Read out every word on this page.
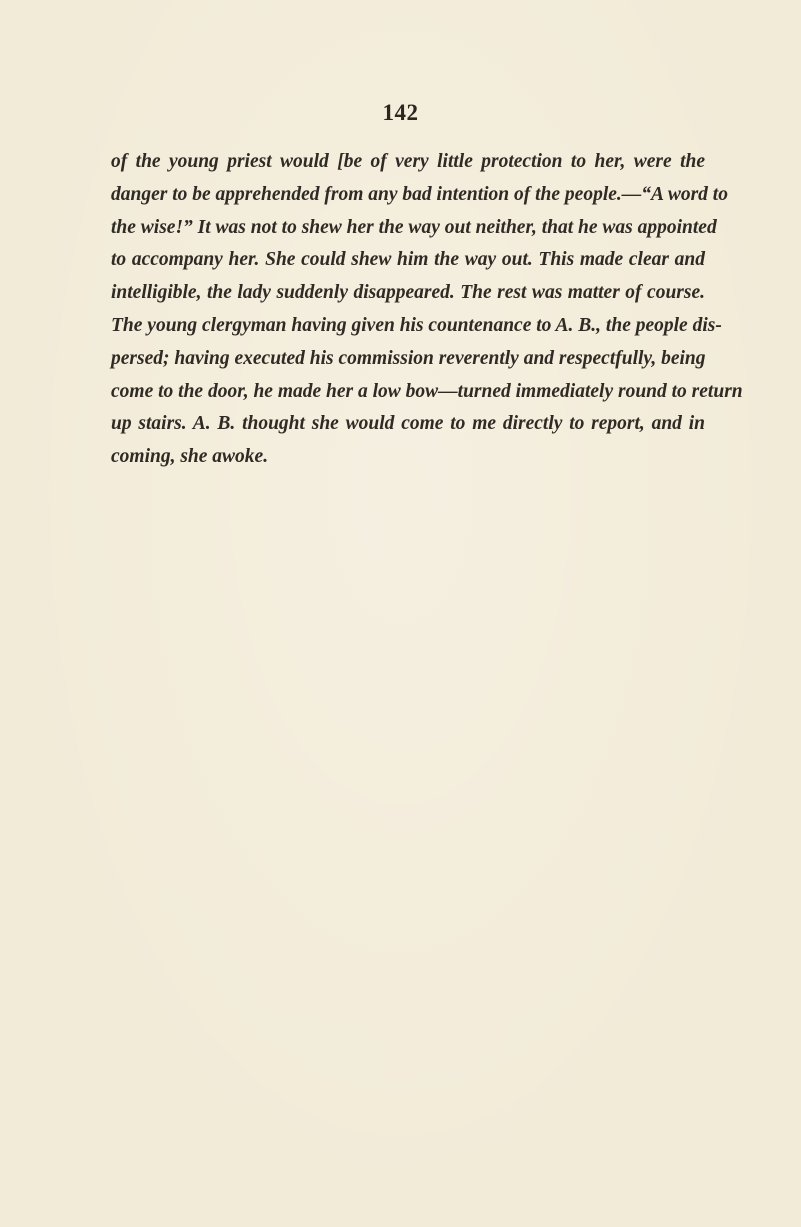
142
of the young priest would [be of very little protection to her, were the
danger to be apprehended from any bad intention of the people.—“A word to
the wise!” It was not to shew her the way out neither, that he was appointed
to accompany her. She could shew him the way out. This made clear and
intelligible, the lady suddenly disappeared. The rest was matter of course.
The young clergyman having given his countenance to A. B., the people dis-
persed; having executed his commission reverently and respectfully, being
come to the door, he made her a low bow—turned immediately round to return
up stairs. A. B. thought she would come to me directly to report, and in
coming, she awoke.
